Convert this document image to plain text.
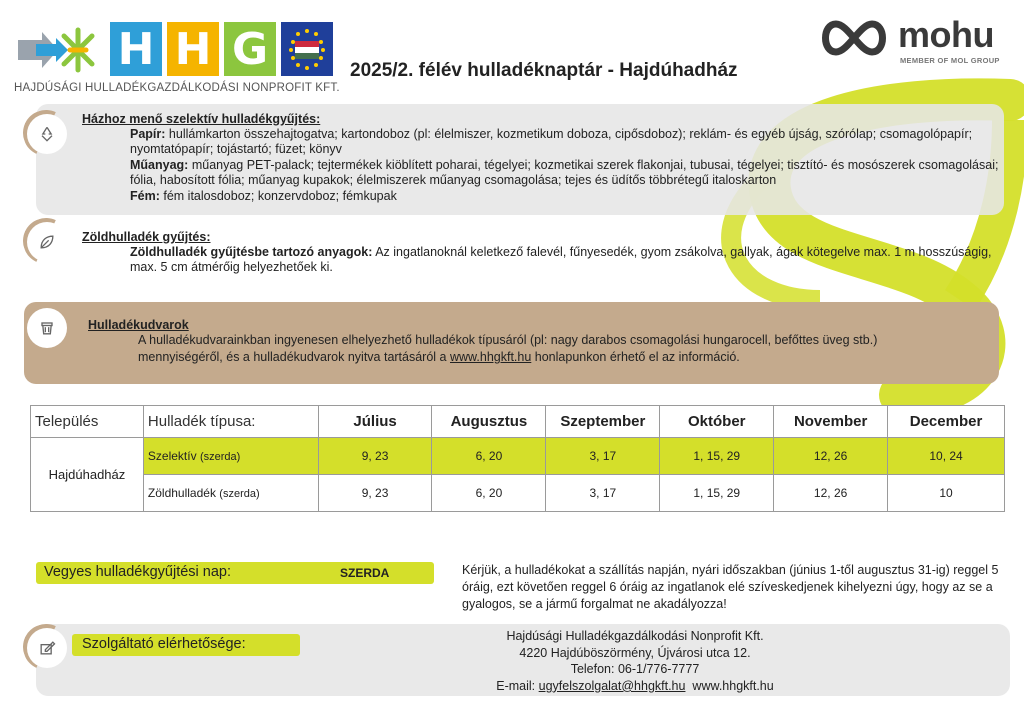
H H G
HAJDÚSÁGI HULLADÉKGAZDÁLKODÁSI NONPROFIT KFT.
mohu
MEMBER OF MOL GROUP
2025/2. félév hulladéknaptár - Hajdúhadház
Házhoz menő szelektív hulladékgyűjtés:
Papír: hullámkarton összehajtogatva; kartondoboz (pl: élelmiszer, kozmetikum doboza, cipősdoboz); reklám- és egyéb újság, szórólap; csomagolópapír; nyomtatópapír; tojástartó; füzet; könyv
Műanyag: műanyag PET-palack; tejtermékek kiöblített poharai, tégelyei; kozmetikai szerek flakonjai, tubusai, tégelyei; tisztító- és mosószerek csomagolásai; fólia, habosított fólia; műanyag kupakok; élelmiszerek műanyag csomagolása; tejes és üdítős többrétegű italoskarton
Fém: fém italosdoboz; konzervdoboz; fémkupak
Zöldhulladék gyűjtés:
Zöldhulladék gyűjtésbe tartozó anyagok: Az ingatlanoknál keletkező falevél, fűnyesedék, gyom zsákolva, gallyak, ágak kötegelve max. 1 m hosszúságig, max. 5 cm átmérőig helyezhetőek ki.
Hulladékudvarok
A hulladékudvarainkban ingyenesen elhelyezhető hulladékok típusáról (pl: nagy darabos csomagolási hungarocell, befőttes üveg stb.) mennyiségéről, és a hulladékudvarok nyitva tartásáról a www.hhgkft.hu honlapunkon érhető el az információ.
Település	Hulladék típusa:	Július	Augusztus	Szeptember	Október	November	December
Hajdúhadház	Szelektív (szerda)	9, 23	6, 20	3, 17	1, 15, 29	12, 26	10, 24
	Zöldhulladék (szerda)	9, 23	6, 20	3, 17	1, 15, 29	12, 26	10
Vegyes hulladékgyűjtési nap:	SZERDA	Kérjük, a hulladékokat a szállítás napján, nyári időszakban (június 1-től augusztus 31-ig) reggel 5 óráig, ezt követően reggel 6 óráig az ingatlanok elé szíveskedjenek kihelyezni úgy, hogy az se a gyalogos, se a jármű forgalmat ne akadályozza!
Szolgáltató elérhetősége:	Hajdúsági Hulladékgazdálkodási Nonprofit Kft.
4220 Hajdúböszörmény, Újvárosi utca 12.
Telefon: 06-1/776-7777
E-mail: ugyfelszolgalat@hhgkft.hu www.hhgkft.hu
